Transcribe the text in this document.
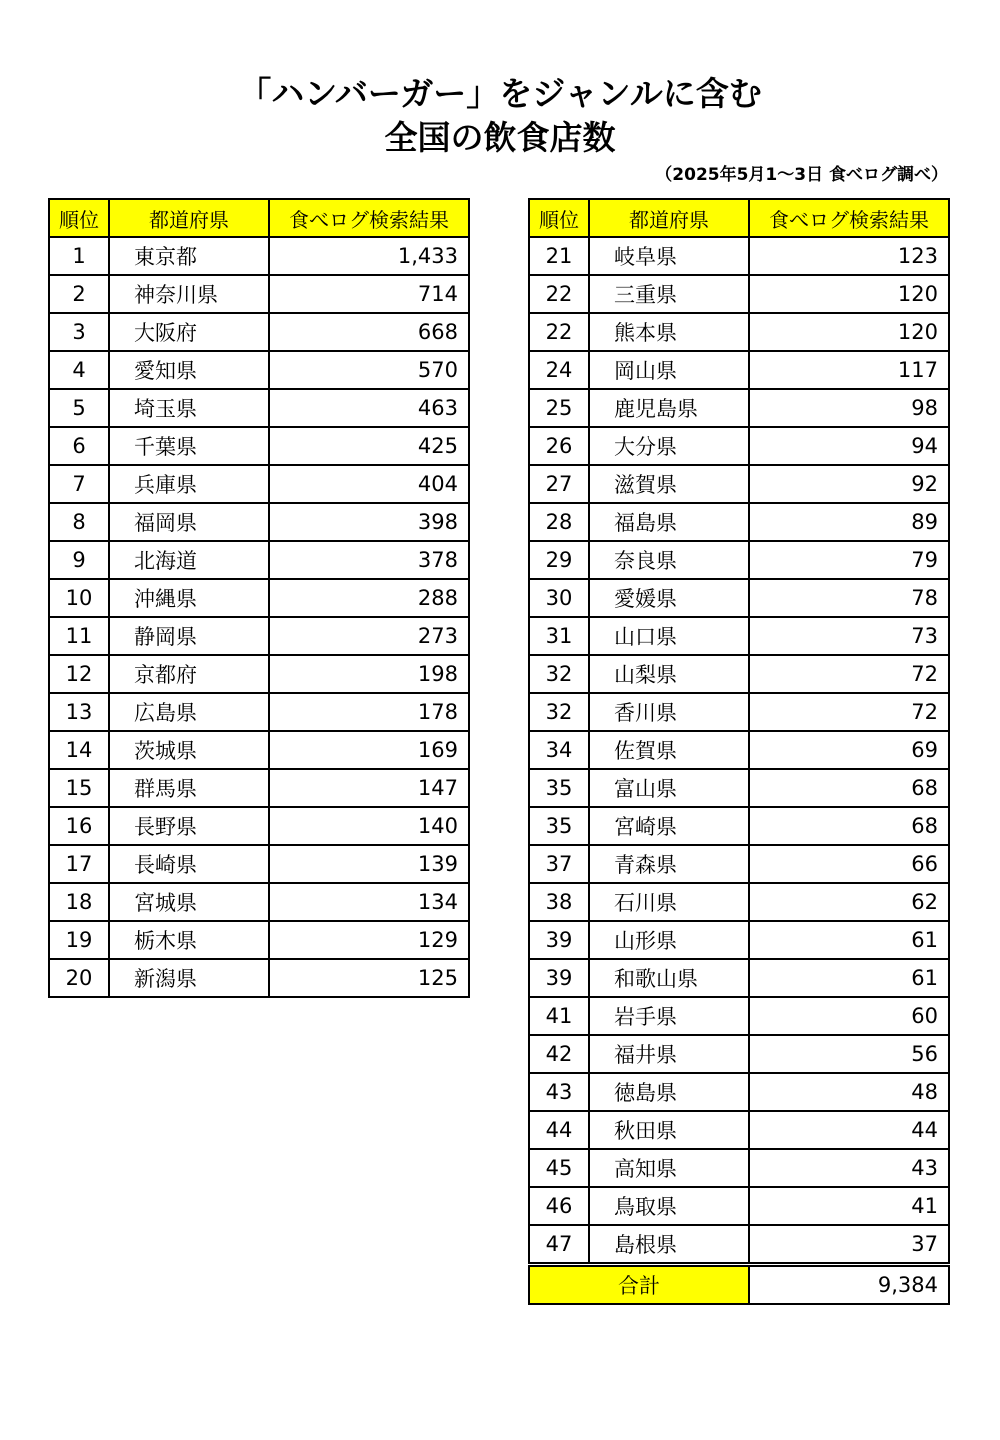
「ハンバーガー」をジャンルに含む
全国の飲食店数
（2025年5月1～3日 食べログ調べ）
順位	都道府県	食べログ検索結果
1	東京都	1,433
2	神奈川県	714
3	大阪府	668
4	愛知県	570
5	埼玉県	463
6	千葉県	425
7	兵庫県	404
8	福岡県	398
9	北海道	378
10	沖縄県	288
11	静岡県	273
12	京都府	198
13	広島県	178
14	茨城県	169
15	群馬県	147
16	長野県	140
17	長崎県	139
18	宮城県	134
19	栃木県	129
20	新潟県	125
順位	都道府県	食べログ検索結果
21	岐阜県	123
22	三重県	120
22	熊本県	120
24	岡山県	117
25	鹿児島県	98
26	大分県	94
27	滋賀県	92
28	福島県	89
29	奈良県	79
30	愛媛県	78
31	山口県	73
32	山梨県	72
32	香川県	72
34	佐賀県	69
35	富山県	68
35	宮崎県	68
37	青森県	66
38	石川県	62
39	山形県	61
39	和歌山県	61
41	岩手県	60
42	福井県	56
43	徳島県	48
44	秋田県	44
45	高知県	43
46	鳥取県	41
47	島根県	37
合計		9,384
